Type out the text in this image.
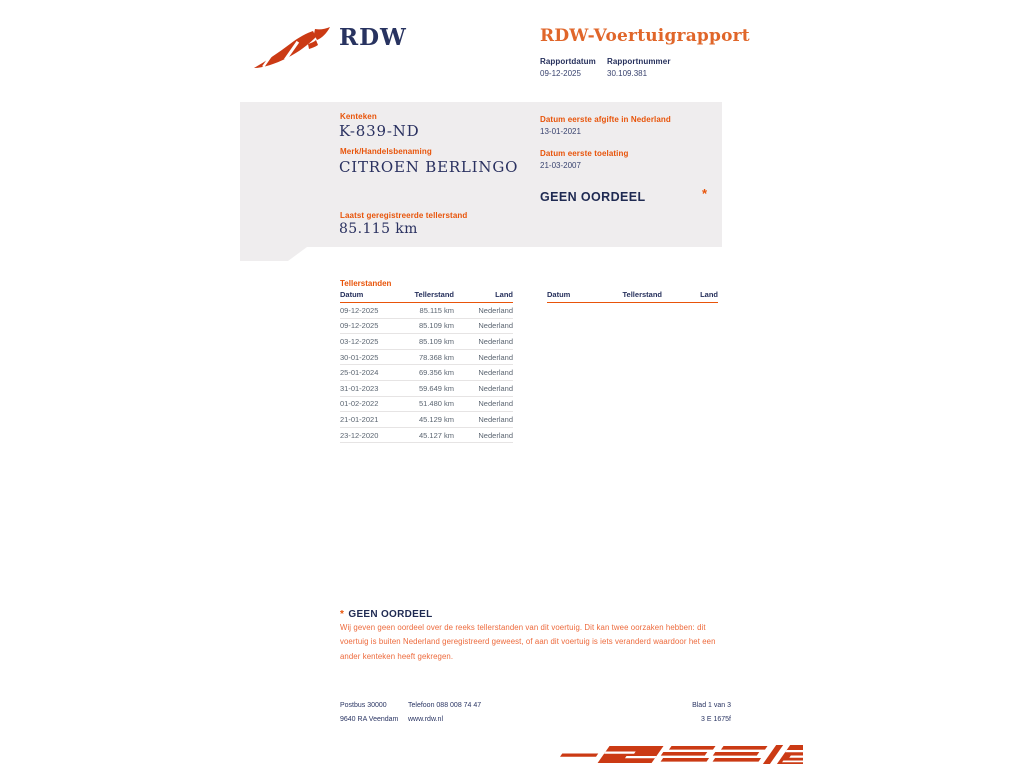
RDW	RDW-Voertuigrapport
Rapportdatum
09-12-2025
Rapportnummer
30.109.381
Kenteken
K-839-ND
Merk/Handelsbenaming
CITROEN BERLINGO
Laatst geregistreerde tellerstand
85.115 km
Datum eerste afgifte in Nederland
13-01-2021
Datum eerste toelating
21-03-2007
GEEN OORDEEL	*
Tellerstanden
Datum	Tellerstand	Land
09-12-2025	85.115 km	Nederland
09-12-2025	85.109 km	Nederland
03-12-2025	85.109 km	Nederland
30-01-2025	78.368 km	Nederland
25-01-2024	69.356 km	Nederland
31-01-2023	59.649 km	Nederland
01-02-2022	51.480 km	Nederland
21-01-2021	45.129 km	Nederland
23-12-2020	45.127 km	Nederland
Datum	Tellerstand	Land
* GEEN OORDEEL
Wij geven geen oordeel over de reeks tellerstanden van dit voertuig. Dit kan twee oorzaken hebben: dit voertuig is buiten Nederland geregistreerd geweest, of aan dit voertuig is iets veranderd waardoor het een ander kenteken heeft gekregen.
Postbus 30000
9640 RA Veendam
Telefoon 088 008 74 47
www.rdw.nl
Blad 1 van 3
3 E 1675f
